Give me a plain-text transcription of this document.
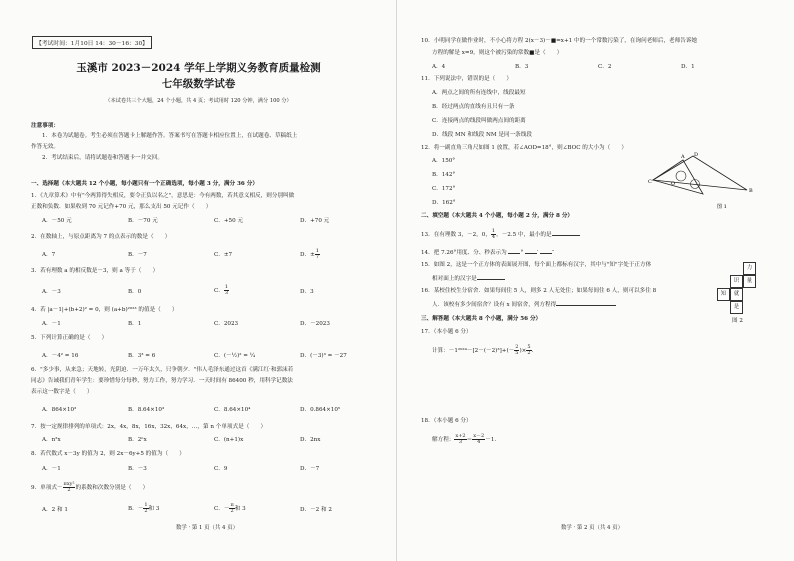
【考试时间：1月10日 14：30－16：30】
玉溪市 2023－2024 学年上学期义务教育质量检测
七年级数学试卷
（本试卷共三个大题，24 个小题，共 4 页；考试用时 120 分钟，满分 100 分）
注意事项：
1．本卷为试题卷。考生必须在答题卡上解题作答。答案书写在答题卡相应位置上，在试题卷、草稿纸上
作答无效。
2．考试结束后，请将试题卷和答题卡一并交回。
一、选择题（本大题共 12 个小题，每小题只有一个正确选项，每小题 3 分，满分 36 分）
1．《九章算术》中有"今两算得失相反，要令正负以名之"，意思是：今有两数，若其意义相反，则分别叫做
正数和负数．如果收到 70 元记作+70 元，那么支出 50 元记作（　　）
A．－50 元	B．－70 元	C．+50 元	D．+70 元
2．在数轴上，与原点距离为 7 的点表示的数是（　　）
A．7	B．－7	C．±7	D．± $\frac{1}{7}$
3．若有理数 a 的相反数是－3，则 a 等于（　　）
A．－3	B．0	C． $\frac{1}{3}$	D．3
4．若 |a－1|+(b+2)² = 0，则 (a+b)²⁰²³ 的值是（　　）
A．－1	B．1	C．2023	D．－2023
5．下列计算正确的是（　　）
A．－4² = 16	B．3³ = 6	C．(－½)² = ¼	D．(－3)³ = －27
6．"多少事，从来急；天地转，光阴迫．一万年太久，只争朝夕．"伟人毛泽东通过这首《满江红·和郭沫若
同志》告诫我们青年学生：要珍惜每分每秒，努力工作，努力学习．一天时间有 86400 秒，用科学记数法
表示这一数字是（　　）
A．864×10²	B．8.64×10³	C．8.64×10⁴	D．0.864×10⁵
7．按一定规律排列的单项式：2x，4x，8x，16x，32x，64x，…，第 n 个单项式是（　　）
A．n²x	B．2ⁿx	C．(n+1)x	D．2nx
8．若代数式 x－3y 的值为 2，则 2x－6y+5 的值为（　　）
A．－1	B．－3	C．9	D．－7
9．单项式－ $\frac{\text{πxy²}}{2}$ 的系数和次数分别是（　　）
A．2 和 1	B．－ $\frac{1}{2}$ 和 3	C．－ $\frac{\pi}{2}$ 和 3	D．－2 和 2
数学 · 第 1 页（共 4 页）
10．小明同学在做作业时，不小心将方程 2(x－3)－■=x+1 中的一个常数污染了，在询问老师后，老师告诉她
方程的解是 x=9，则这个被污染的常数■是（　　）
A．4	B．3	C．2	D．1
11．下列说法中，错误的是（　　）
A．两点之间的所有连线中，线段最短
B．经过两点的直线有且只有一条
C．连接两点的线段叫做两点间的距离
D．线段 MN 和线段 NM 是同一条线段
12．将一副直角三角尺如图 1 放置，若∠AOD=18°，则∠BOC 的大小为（　　）
A．150°
B．142°
C．172°
D．162°
C
A D
B
O
图 1
二、填空题（本大题共 4 个小题，每小题 2 分，满分 8 分）
13．在有理数 3，－2，0， $\frac{1}{4}$ ，－2.5 中，最小的是
14．把 7.26°用度、分、秒表示为 ° ′ ″
15．如图 2，这是一个正方体的表面展开图，每个面上都标有汉字，其中与"知"字处于正方体
相对面上的汉字是
16．某校住校生分宿舍．如果每间住 5 人，则多 2 人无处住；如果每间住 6 人，则可以多住 8
人．该校有多少间宿舍？设有 x 间宿舍，列方程得
力
量
识
知	就
是
图 2
三、解答题（本大题共 8 个小题，满分 56 分）
17．（本小题 6 分）
计算：$-1^{2024}-[2-(-2)^3]+(- \frac{2}{5}$ )× $\frac{5}{2}$ .
18．（本小题 6 分）
解方程： $\frac{x+2}{3} = \frac{x-2}{4} -1$.
数学 · 第 2 页（共 4 页）
